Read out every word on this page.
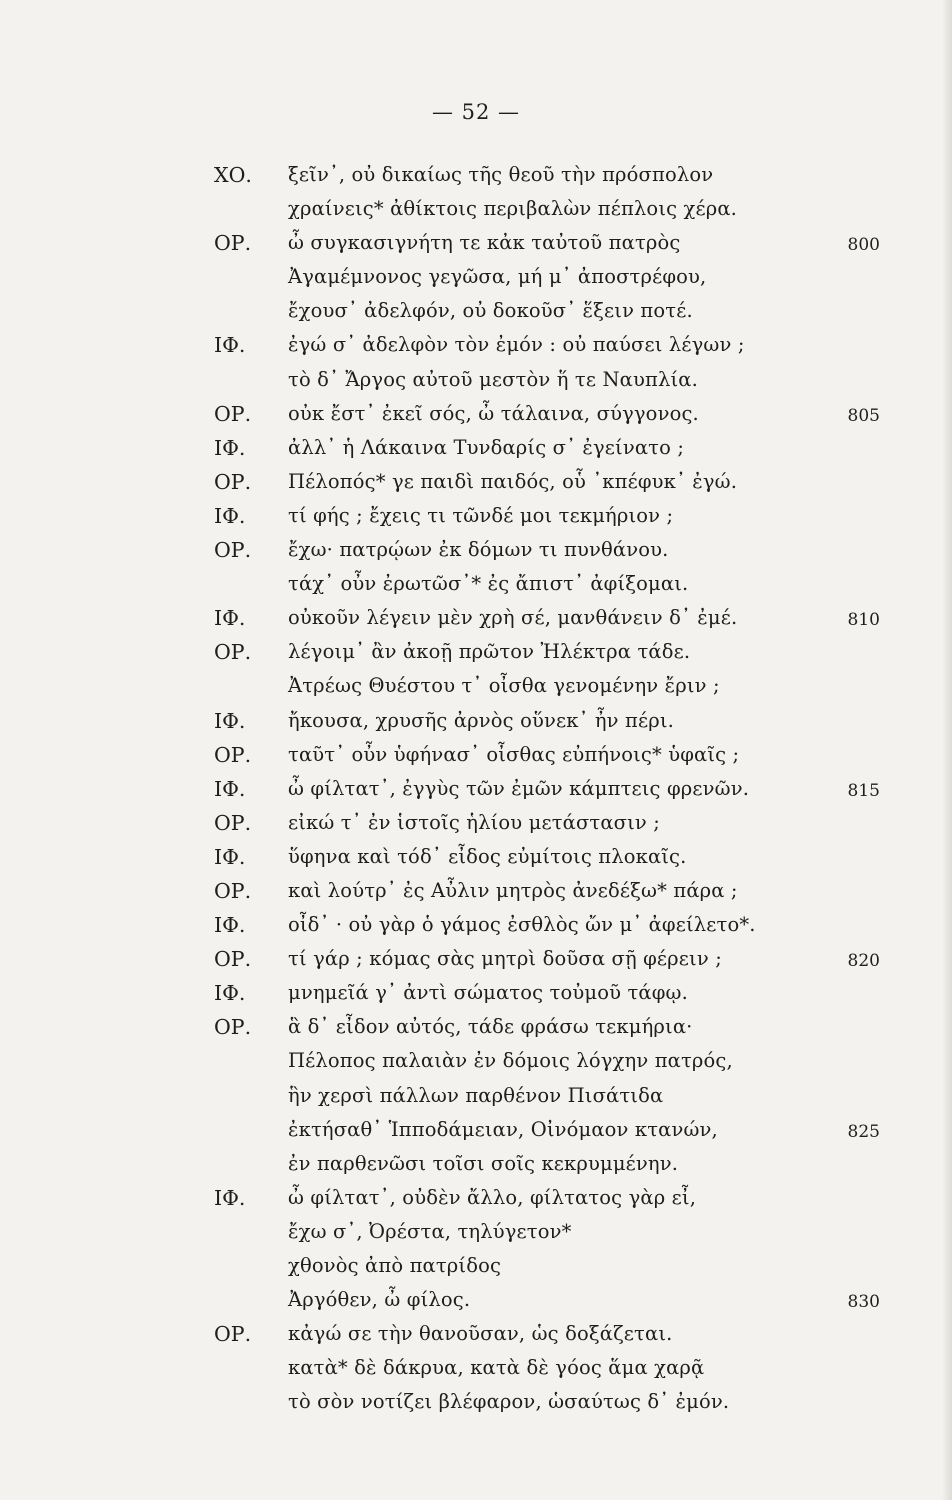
— 52 —
ΧΟ. ξεῖν᾿, οὐ δικαίως τῆς θεοῦ τὴν πρόσπολον
χραίνεις* ἀθίκτοις περιβαλὼν πέπλοις χέρα.
ΟΡ. ὦ συγκασιγνήτη τε κἀκ ταὐτοῦ πατρὸς	800
Ἀγαμέμνονος γεγῶσα, μή μ᾿ ἀποστρέφου,
ἔχουσ᾿ ἀδελφόν, οὐ δοκοῦσ᾿ ἕξειν ποτέ.
ΙΦ. ἐγώ σ᾿ ἀδελφὸν τὸν ἐμόν : οὐ παύσει λέγων ;
τὸ δ᾿ Ἄργος αὐτοῦ μεστὸν ἥ τε Ναυπλία.
ΟΡ. οὐκ ἔστ᾿ ἐκεῖ σός, ὦ τάλαινα, σύγγονος.	805
ΙΦ. ἀλλ᾿ ἡ Λάκαινα Τυνδαρίς σ᾿ ἐγείνατο ;
ΟΡ. Πέλοπός* γε παιδὶ παιδός, οὗ ᾿κπέφυκ᾿ ἐγώ.
ΙΦ. τί φής ; ἔχεις τι τῶνδέ μοι τεκμήριον ;
ΟΡ. ἔχω· πατρῴων ἐκ δόμων τι πυνθάνου.
τάχ᾿ οὖν ἐρωτῶσ᾿* ἐς ἄπιστ᾿ ἀφίξομαι.
ΙΦ. οὐκοῦν λέγειν μὲν χρὴ σέ, μανθάνειν δ᾿ ἐμέ.	810
ΟΡ. λέγοιμ᾿ ἂν ἀκοῇ πρῶτον Ἠλέκτρα τάδε.
Ἀτρέως Θυέστου τ᾿ οἶσθα γενομένην ἔριν ;
ΙΦ. ἤκουσα, χρυσῆς ἀρνὸς οὕνεκ᾿ ἦν πέρι.
ΟΡ. ταῦτ᾿ οὖν ὑφήνασ᾿ οἶσθας εὐπήνοις* ὑφαῖς ;
ΙΦ. ὦ φίλτατ᾿, ἐγγὺς τῶν ἐμῶν κάμπτεις φρενῶν.	815
ΟΡ. εἰκώ τ᾿ ἐν ἱστοῖς ἡλίου μετάστασιν ;
ΙΦ. ὕφηνα καὶ τόδ᾿ εἶδος εὐμίτοις πλοκαῖς.
ΟΡ. καὶ λούτρ᾿ ἐς Αὖλιν μητρὸς ἀνεδέξω* πάρα ;
ΙΦ. οἶδ᾿ · οὐ γὰρ ὁ γάμος ἐσθλὸς ὤν μ᾿ ἀφείλετο*.
ΟΡ. τί γάρ ; κόμας σὰς μητρὶ δοῦσα σῇ φέρειν ;	820
ΙΦ. μνημεῖά γ᾿ ἀντὶ σώματος τοὐμοῦ τάφῳ.
ΟΡ. ἃ δ᾿ εἶδον αὐτός, τάδε φράσω τεκμήρια·
Πέλοπος παλαιὰν ἐν δόμοις λόγχην πατρός,
ἣν χερσὶ πάλλων παρθένον Πισάτιδα
ἐκτήσαθ᾿ Ἱπποδάμειαν, Οἰνόμαον κτανών,	825
ἐν παρθενῶσι τοῖσι σοῖς κεκρυμμένην.
ΙΦ. ὦ φίλτατ᾿, οὐδὲν ἄλλο, φίλτατος γὰρ εἶ,
ἔχω σ᾿, Ὀρέστα, τηλύγετον*
χθονὸς ἀπὸ πατρίδος
Ἀργόθεν, ὦ φίλος.	830
ΟΡ. κἀγώ σε τὴν θανοῦσαν, ὡς δοξάζεται.
κατὰ* δὲ δάκρυα, κατὰ δὲ γόος ἅμα χαρᾷ
τὸ σὸν νοτίζει βλέφαρον, ὡσαύτως δ᾿ ἐμόν.
